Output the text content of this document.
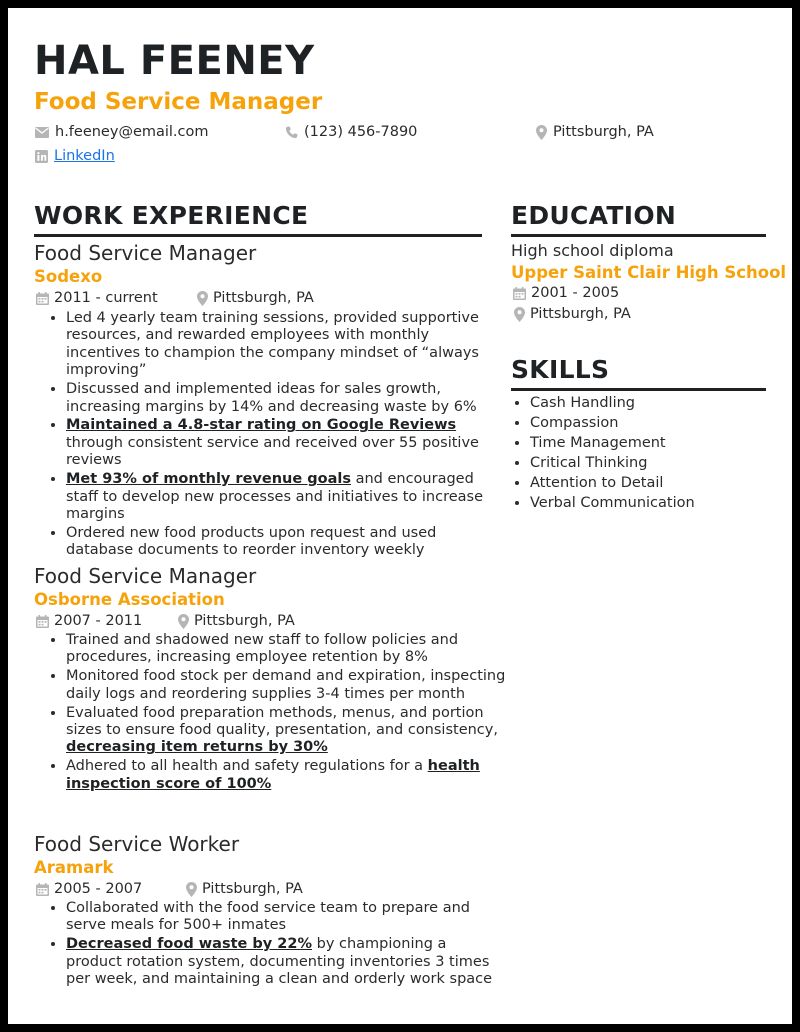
HAL FEENEY
Food Service Manager
h.feeney@email.com	(123) 456-7890	Pittsburgh, PA
LinkedIn
WORK EXPERIENCE
Food Service Manager
Sodexo
2011 - current	Pittsburgh, PA
• Led 4 yearly team training sessions, provided supportive resources, and rewarded employees with monthly incentives to champion the company mindset of “always improving”
• Discussed and implemented ideas for sales growth, increasing margins by 14% and decreasing waste by 6%
• Maintained a 4.8-star rating on Google Reviews through consistent service and received over 55 positive reviews
• Met 93% of monthly revenue goals and encouraged staff to develop new processes and initiatives to increase margins
• Ordered new food products upon request and used database documents to reorder inventory weekly
Food Service Manager
Osborne Association
2007 - 2011	Pittsburgh, PA
• Trained and shadowed new staff to follow policies and procedures, increasing employee retention by 8%
• Monitored food stock per demand and expiration, inspecting daily logs and reordering supplies 3-4 times per month
• Evaluated food preparation methods, menus, and portion sizes to ensure food quality, presentation, and consistency, decreasing item returns by 30%
• Adhered to all health and safety regulations for a health inspection score of 100%
Food Service Worker
Aramark
2005 - 2007	Pittsburgh, PA
• Collaborated with the food service team to prepare and serve meals for 500+ inmates
• Decreased food waste by 22% by championing a product rotation system, documenting inventories 3 times per week, and maintaining a clean and orderly work space
EDUCATION
High school diploma
Upper Saint Clair High School
2001 - 2005
Pittsburgh, PA
SKILLS
• Cash Handling
• Compassion
• Time Management
• Critical Thinking
• Attention to Detail
• Verbal Communication
